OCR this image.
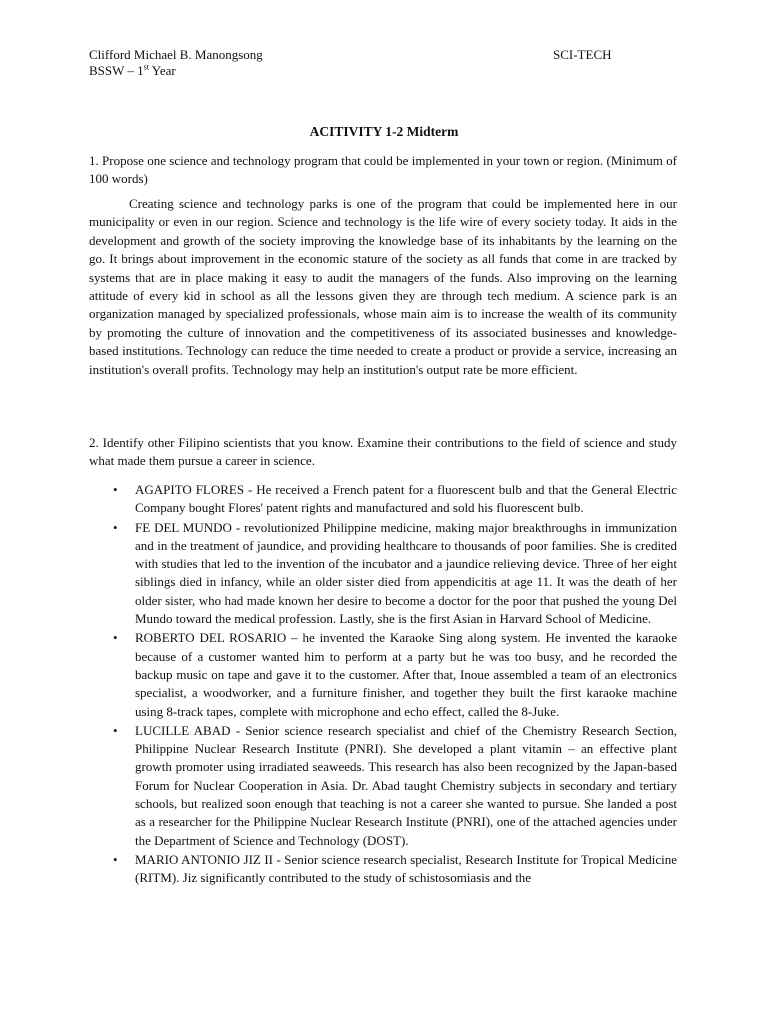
Clifford Michael B. Manongsong	SCI-TECH
BSSW – 1st Year
ACITIVITY 1-2 Midterm

1. Propose one science and technology program that could be implemented in your town or region. (Minimum of 100 words)

Creating science and technology parks is one of the program that could be implemented here in our municipality or even in our region. Science and technology is the life wire of every society today. It aids in the development and growth of the society improving the knowledge base of its inhabitants by the learning on the go. It brings about improvement in the economic stature of the society as all funds that come in are tracked by systems that are in place making it easy to audit the managers of the funds. Also improving on the learning attitude of every kid in school as all the lessons given they are through tech medium. A science park is an organization managed by specialized professionals, whose main aim is to increase the wealth of its community by promoting the culture of innovation and the competitiveness of its associated businesses and knowledge-based institutions. Technology can reduce the time needed to create a product or provide a service, increasing an institution's overall profits. Technology may help an institution's output rate be more efficient.

2. Identify other Filipino scientists that you know. Examine their contributions to the field of science and study what made them pursue a career in science.

• AGAPITO FLORES - He received a French patent for a fluorescent bulb and that the General Electric Company bought Flores' patent rights and manufactured and sold his fluorescent bulb.
• FE DEL MUNDO - revolutionized Philippine medicine, making major breakthroughs in immunization and in the treatment of jaundice, and providing healthcare to thousands of poor families. She is credited with studies that led to the invention of the incubator and a jaundice relieving device. Three of her eight siblings died in infancy, while an older sister died from appendicitis at age 11. It was the death of her older sister, who had made known her desire to become a doctor for the poor that pushed the young Del Mundo toward the medical profession. Lastly, she is the first Asian in Harvard School of Medicine.
• ROBERTO DEL ROSARIO – he invented the Karaoke Sing along system. He invented the karaoke because of a customer wanted him to perform at a party but he was too busy, and he recorded the backup music on tape and gave it to the customer. After that, Inoue assembled a team of an electronics specialist, a woodworker, and a furniture finisher, and together they built the first karaoke machine using 8-track tapes, complete with microphone and echo effect, called the 8-Juke.
• LUCILLE ABAD - Senior science research specialist and chief of the Chemistry Research Section, Philippine Nuclear Research Institute (PNRI). She developed a plant vitamin – an effective plant growth promoter using irradiated seaweeds. This research has also been recognized by the Japan-based Forum for Nuclear Cooperation in Asia. Dr. Abad taught Chemistry subjects in secondary and tertiary schools, but realized soon enough that teaching is not a career she wanted to pursue. She landed a post as a researcher for the Philippine Nuclear Research Institute (PNRI), one of the attached agencies under the Department of Science and Technology (DOST).
• MARIO ANTONIO JIZ II - Senior science research specialist, Research Institute for Tropical Medicine (RITM). Jiz significantly contributed to the study of schistosomiasis and the
